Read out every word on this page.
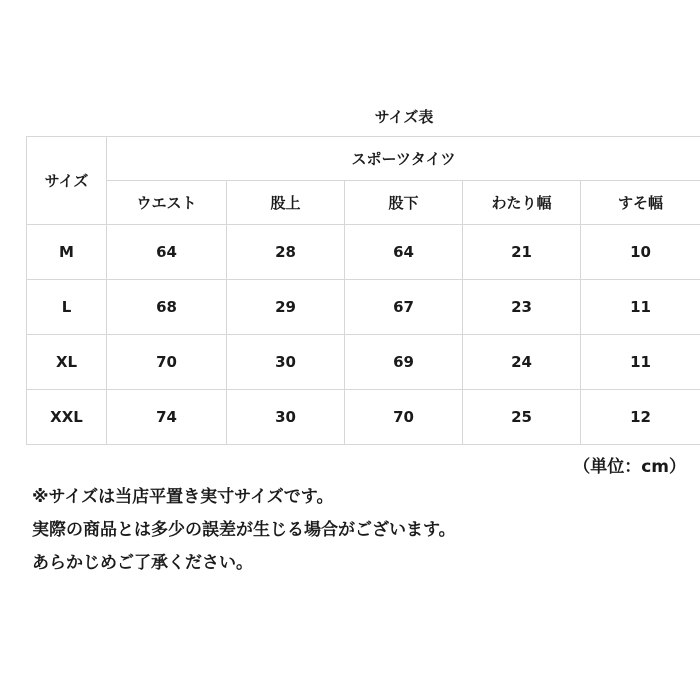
サイズ表
サイズ	スポーツタイツ				
	ウエスト	股上	股下	わたり幅	すそ幅
M	64	28	64	21	10
L	68	29	67	23	11
XL	70	30	69	24	11
XXL	74	30	70	25	12
（単位：cm）
※サイズは当店平置き実寸サイズです。
実際の商品とは多少の誤差が生じる場合がございます。
あらかじめご了承ください。
